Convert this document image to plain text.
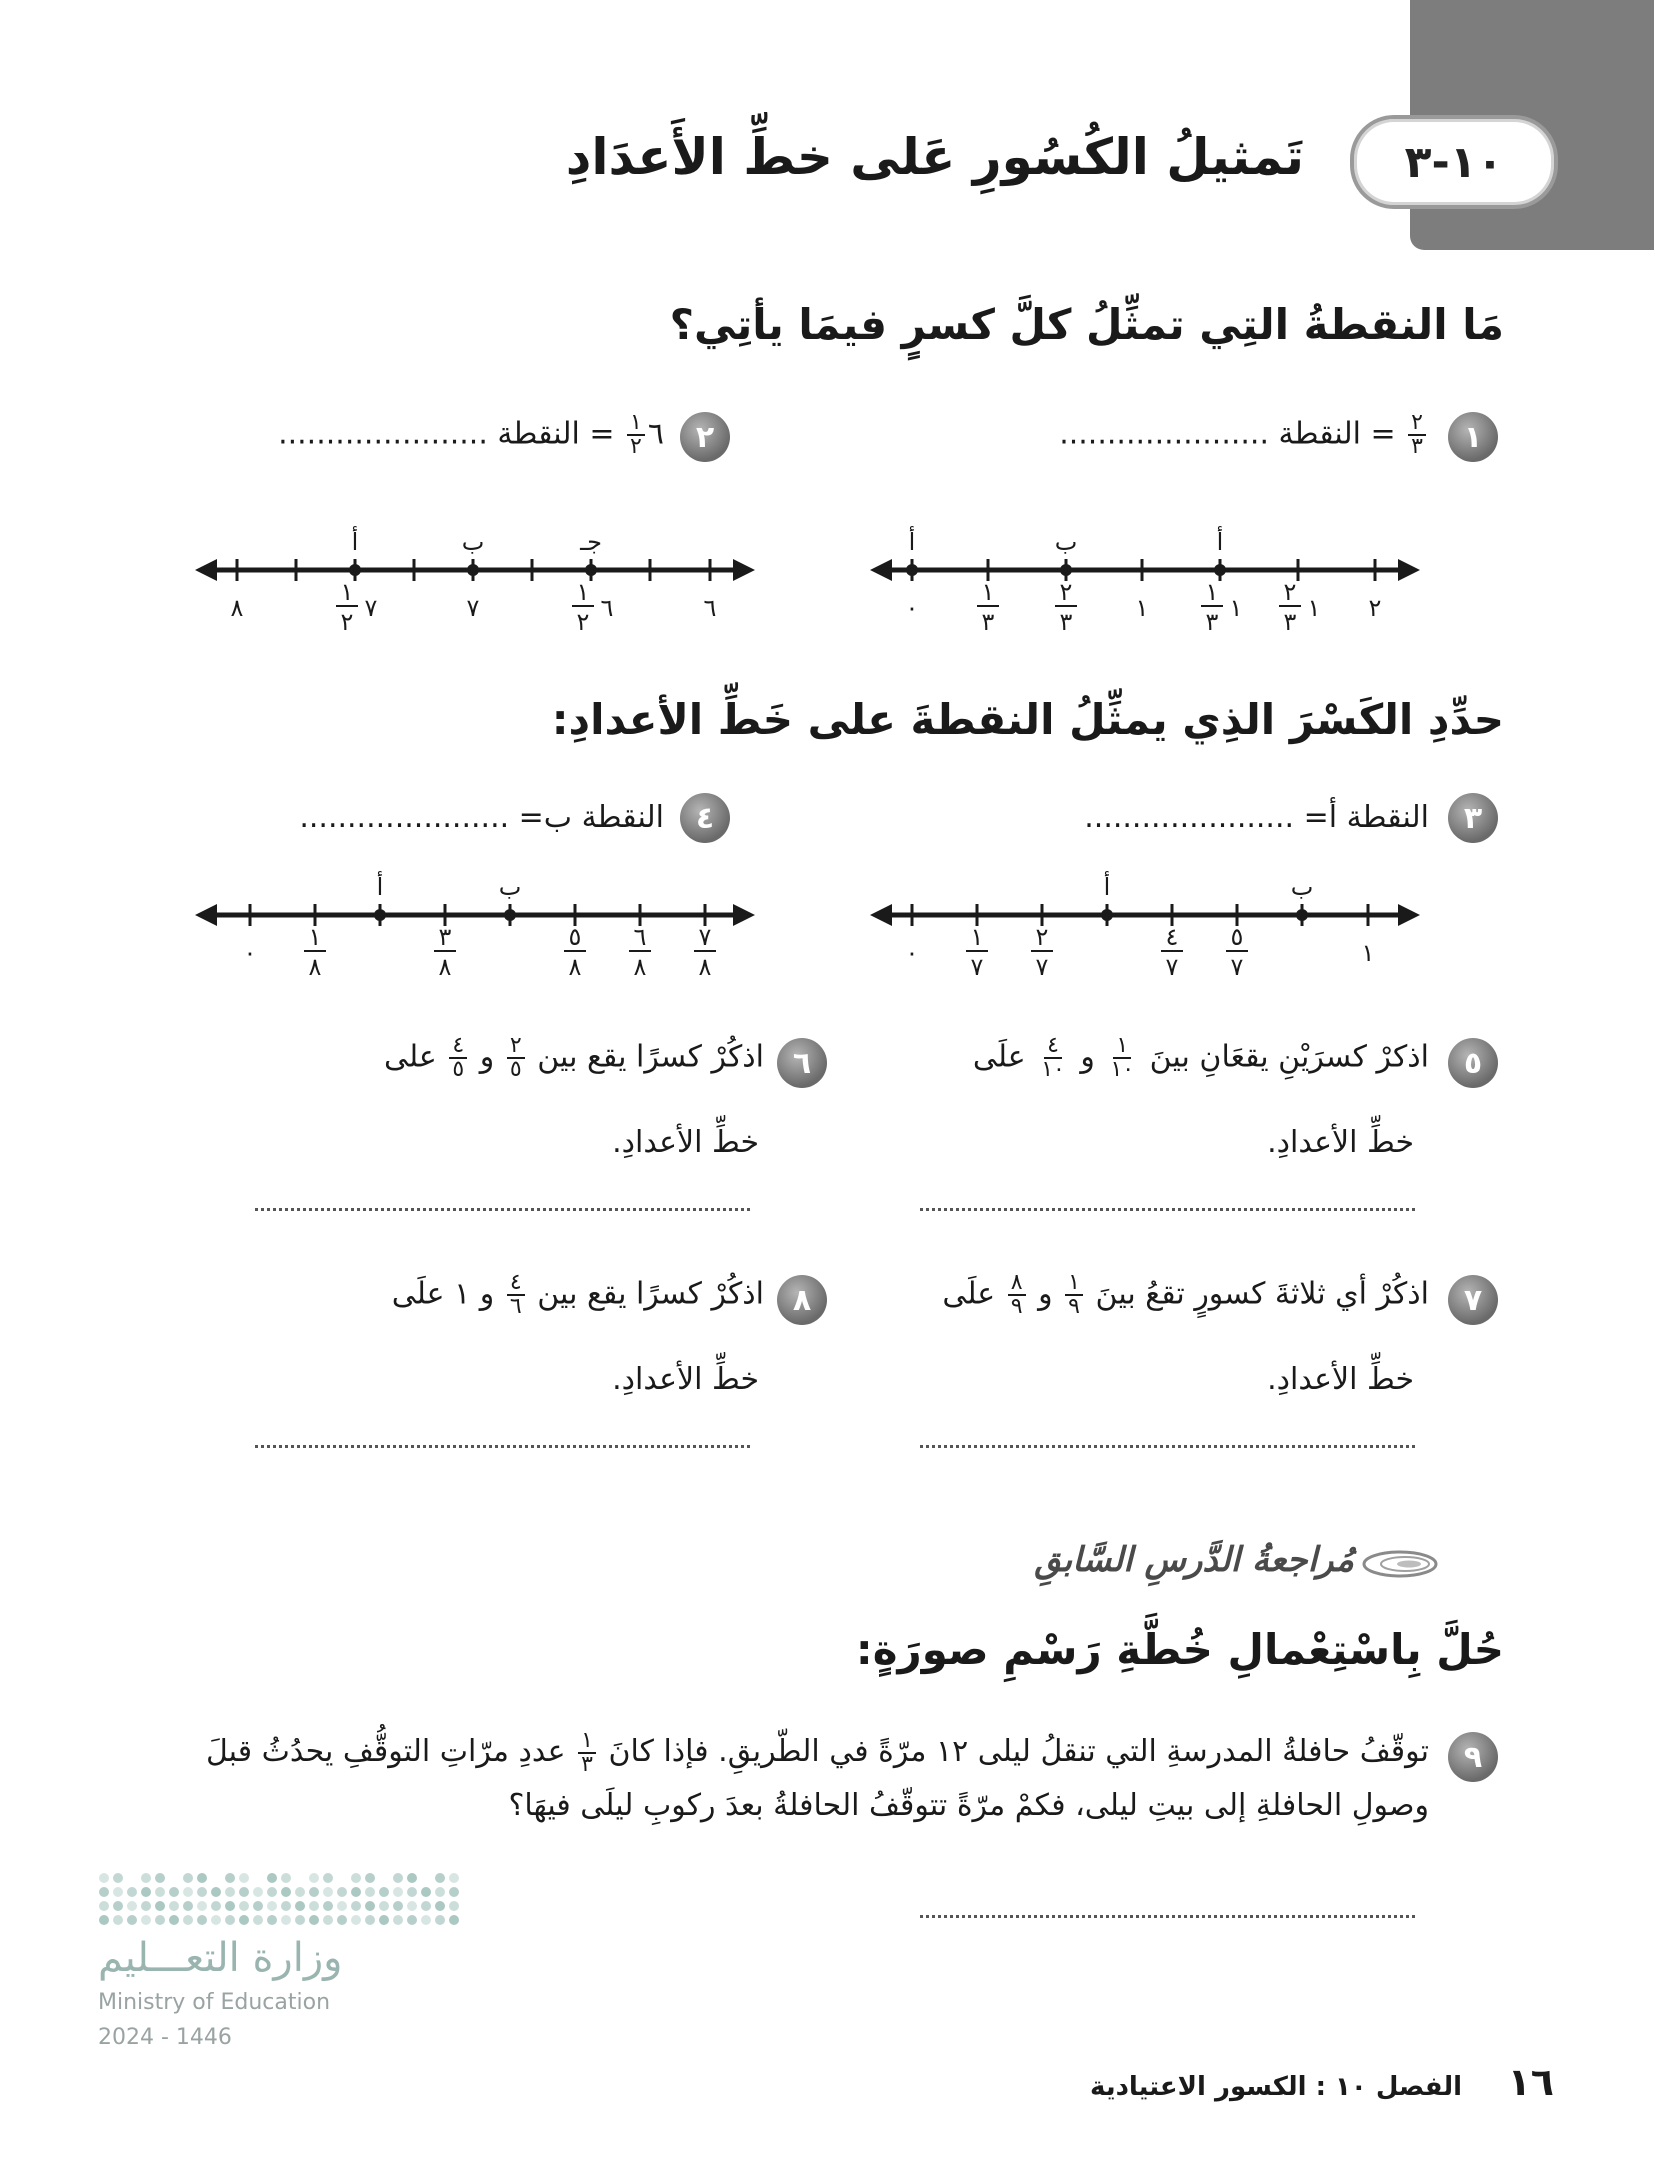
١٠-٣
تَمثيلُ الكُسُورِ عَلى خطِّ الأَعدَادِ
مَا النقطةُ التِي تمثِّلُ كلَّ كسرٍ فيمَا يأتِي؟
١
$\frac{٢}{٣}$
= النقطة ......................
٢
٦
$\frac{١}{٢}$
= النقطة ......................
٠
١
٣
٢
٣	١
١
٣ ١
٢
٣ ١ ٢
أ	ب	أ
٨
١
٢ ٧	٧
١
٢ ٦	٦
أ	ب	جـ
حدِّدِ الكَسْرَ الذِي يمثِّلُ النقطةَ على خَطِّ الأعدادِ:
٣
النقطة أ= ......................
٤
النقطة ب= ......................
٠
١
٧
٢
٧
٤
٧
٥
٧	١
أ	ب
٠
١
٨
٣
٨
٥
٨
٦
٨
٧
٨
أ	ب
٥
اذكرْ كسرَيْنِ يقعَانِ بينَ
$\frac{١}{١٠}$
و
$\frac{٤}{١٠}$
علَى
خطِّ الأعدادِ.
٦
اذكُرْ كسرًا يقع بين
$\frac{٢}{٥}$
و
$\frac{٤}{٥}$
على
خطِّ الأعدادِ.
٧
اذكُرْ أي ثلاثةَ كسورٍ تقعُ بينَ
$\frac{١}{٩}$
و
$\frac{٨}{٩}$
علَى
خطِّ الأعدادِ.
٨
اذكُرْ كسرًا يقع بين
$\frac{٤}{٦}$
و ١ علَى
خطِّ الأعدادِ.
مُراجعةُ الدَّرسِ السَّابقِ
حُلَّ بِاسْتِعْمالِ خُطَّةِ رَسْمِ صورَةٍ:
٩
توقّفُ حافلةُ المدرسةِ التي تنقلُ ليلى ١٢ مرّةً في الطّريقِ. فإذا كانَ
$\frac{١}{٣}$
عددِ مرّاتِ التوقُّفِ يحدُثُ قبلَ وصولِ الحافلةِ إلى بيتِ ليلى، فكمْ مرّةً تتوقّفُ الحافلةُ بعدَ ركوبِ ليلَى فيهَا؟
وزارة التعـــليم
Ministry of Education
2024 - 1446
١٦ الفصل ١٠ : الكسور الاعتيادية
